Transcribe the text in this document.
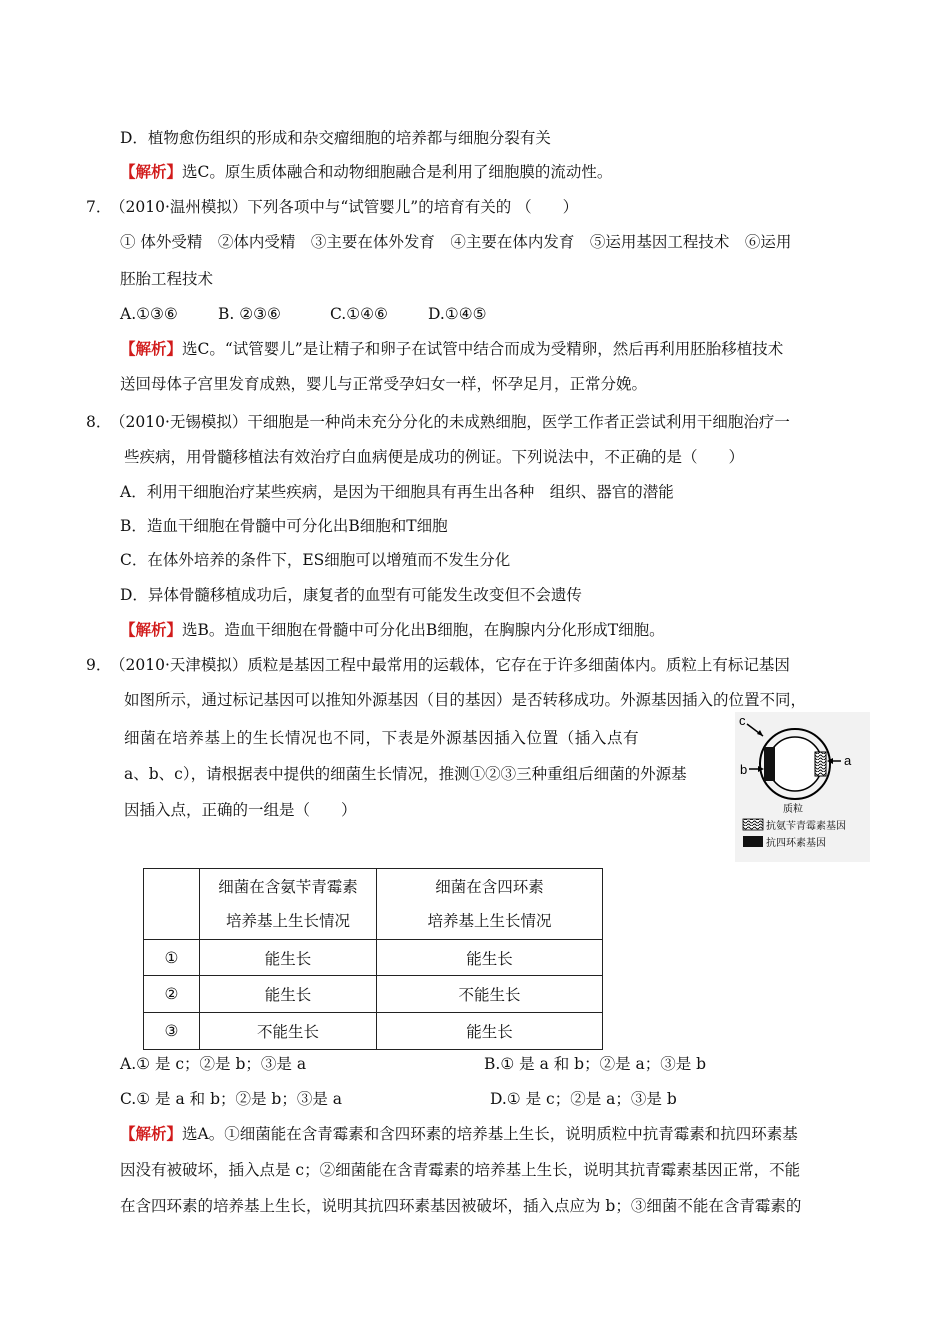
D．植物愈伤组织的形成和杂交瘤细胞的培养都与细胞分裂有关
【解析】选C。原生质体融合和动物细胞融合是利用了细胞膜的流动性。
7．
（2010·温州模拟）下列各项中与“试管婴儿”的培育有关的 （　　）
① 体外受精　②体内受精　③主要在体外发育　④主要在体内发育　⑤运用基因工程技术　⑥运用
胚胎工程技术
A.①③⑥	B. ②③⑥	C.①④⑥	D.①④⑤
【解析】选C。“试管婴儿”是让精子和卵子在试管中结合而成为受精卵，然后再利用胚胎移植技术
送回母体子宫里发育成熟，婴儿与正常受孕妇女一样，怀孕足月，正常分娩。
8．
（2010·无锡模拟）干细胞是一种尚未充分分化的未成熟细胞，医学工作者正尝试利用干细胞治疗一
些疾病，用骨髓移植法有效治疗白血病便是成功的例证。下列说法中，不正确的是（　　）
A．利用干细胞治疗某些疾病，是因为干细胞具有再生出各种　组织、器官的潜能
B．造血干细胞在骨髓中可分化出B细胞和T细胞
C．在体外培养的条件下，ES细胞可以增殖而不发生分化
D．异体骨髓移植成功后，康复者的血型有可能发生改变但不会遗传
【解析】选B。造血干细胞在骨髓中可分化出B细胞，在胸腺内分化形成T细胞。
9．
（2010·天津模拟）质粒是基因工程中最常用的运载体，它存在于许多细菌体内。质粒上有标记基因
如图所示，通过标记基因可以推知外源基因（目的基因）是否转移成功。外源基因插入的位置不同，
细菌在培养基上的生长情况也不同，下表是外源基因插入位置（插入点有
a、b、c），请根据表中提供的细菌生长情况，推测①②③三种重组后细菌的外源基
因插入点，正确的一组是（　　）
c
b
a
质粒
抗氨苄青霉素基因
抗四环素基因

	细菌在含氨苄青霉素
培养基上生长情况	细菌在含四环素
培养基上生长情况

①	能生长	能生长
②	能生长	不能生长
③	不能生长	能生长
A.① 是 c；②是 b；③是 a	B.① 是 a 和 b；②是 a；③是 b
C.① 是 a 和 b；②是 b；③是 a	D.① 是 c；②是 a；③是 b
【解析】选A。①细菌能在含青霉素和含四环素的培养基上生长，说明质粒中抗青霉素和抗四环素基
因没有被破坏，插入点是 c；②细菌能在含青霉素的培养基上生长，说明其抗青霉素基因正常，不能
在含四环素的培养基上生长，说明其抗四环素基因被破坏，插入点应为 b；③细菌不能在含青霉素的
